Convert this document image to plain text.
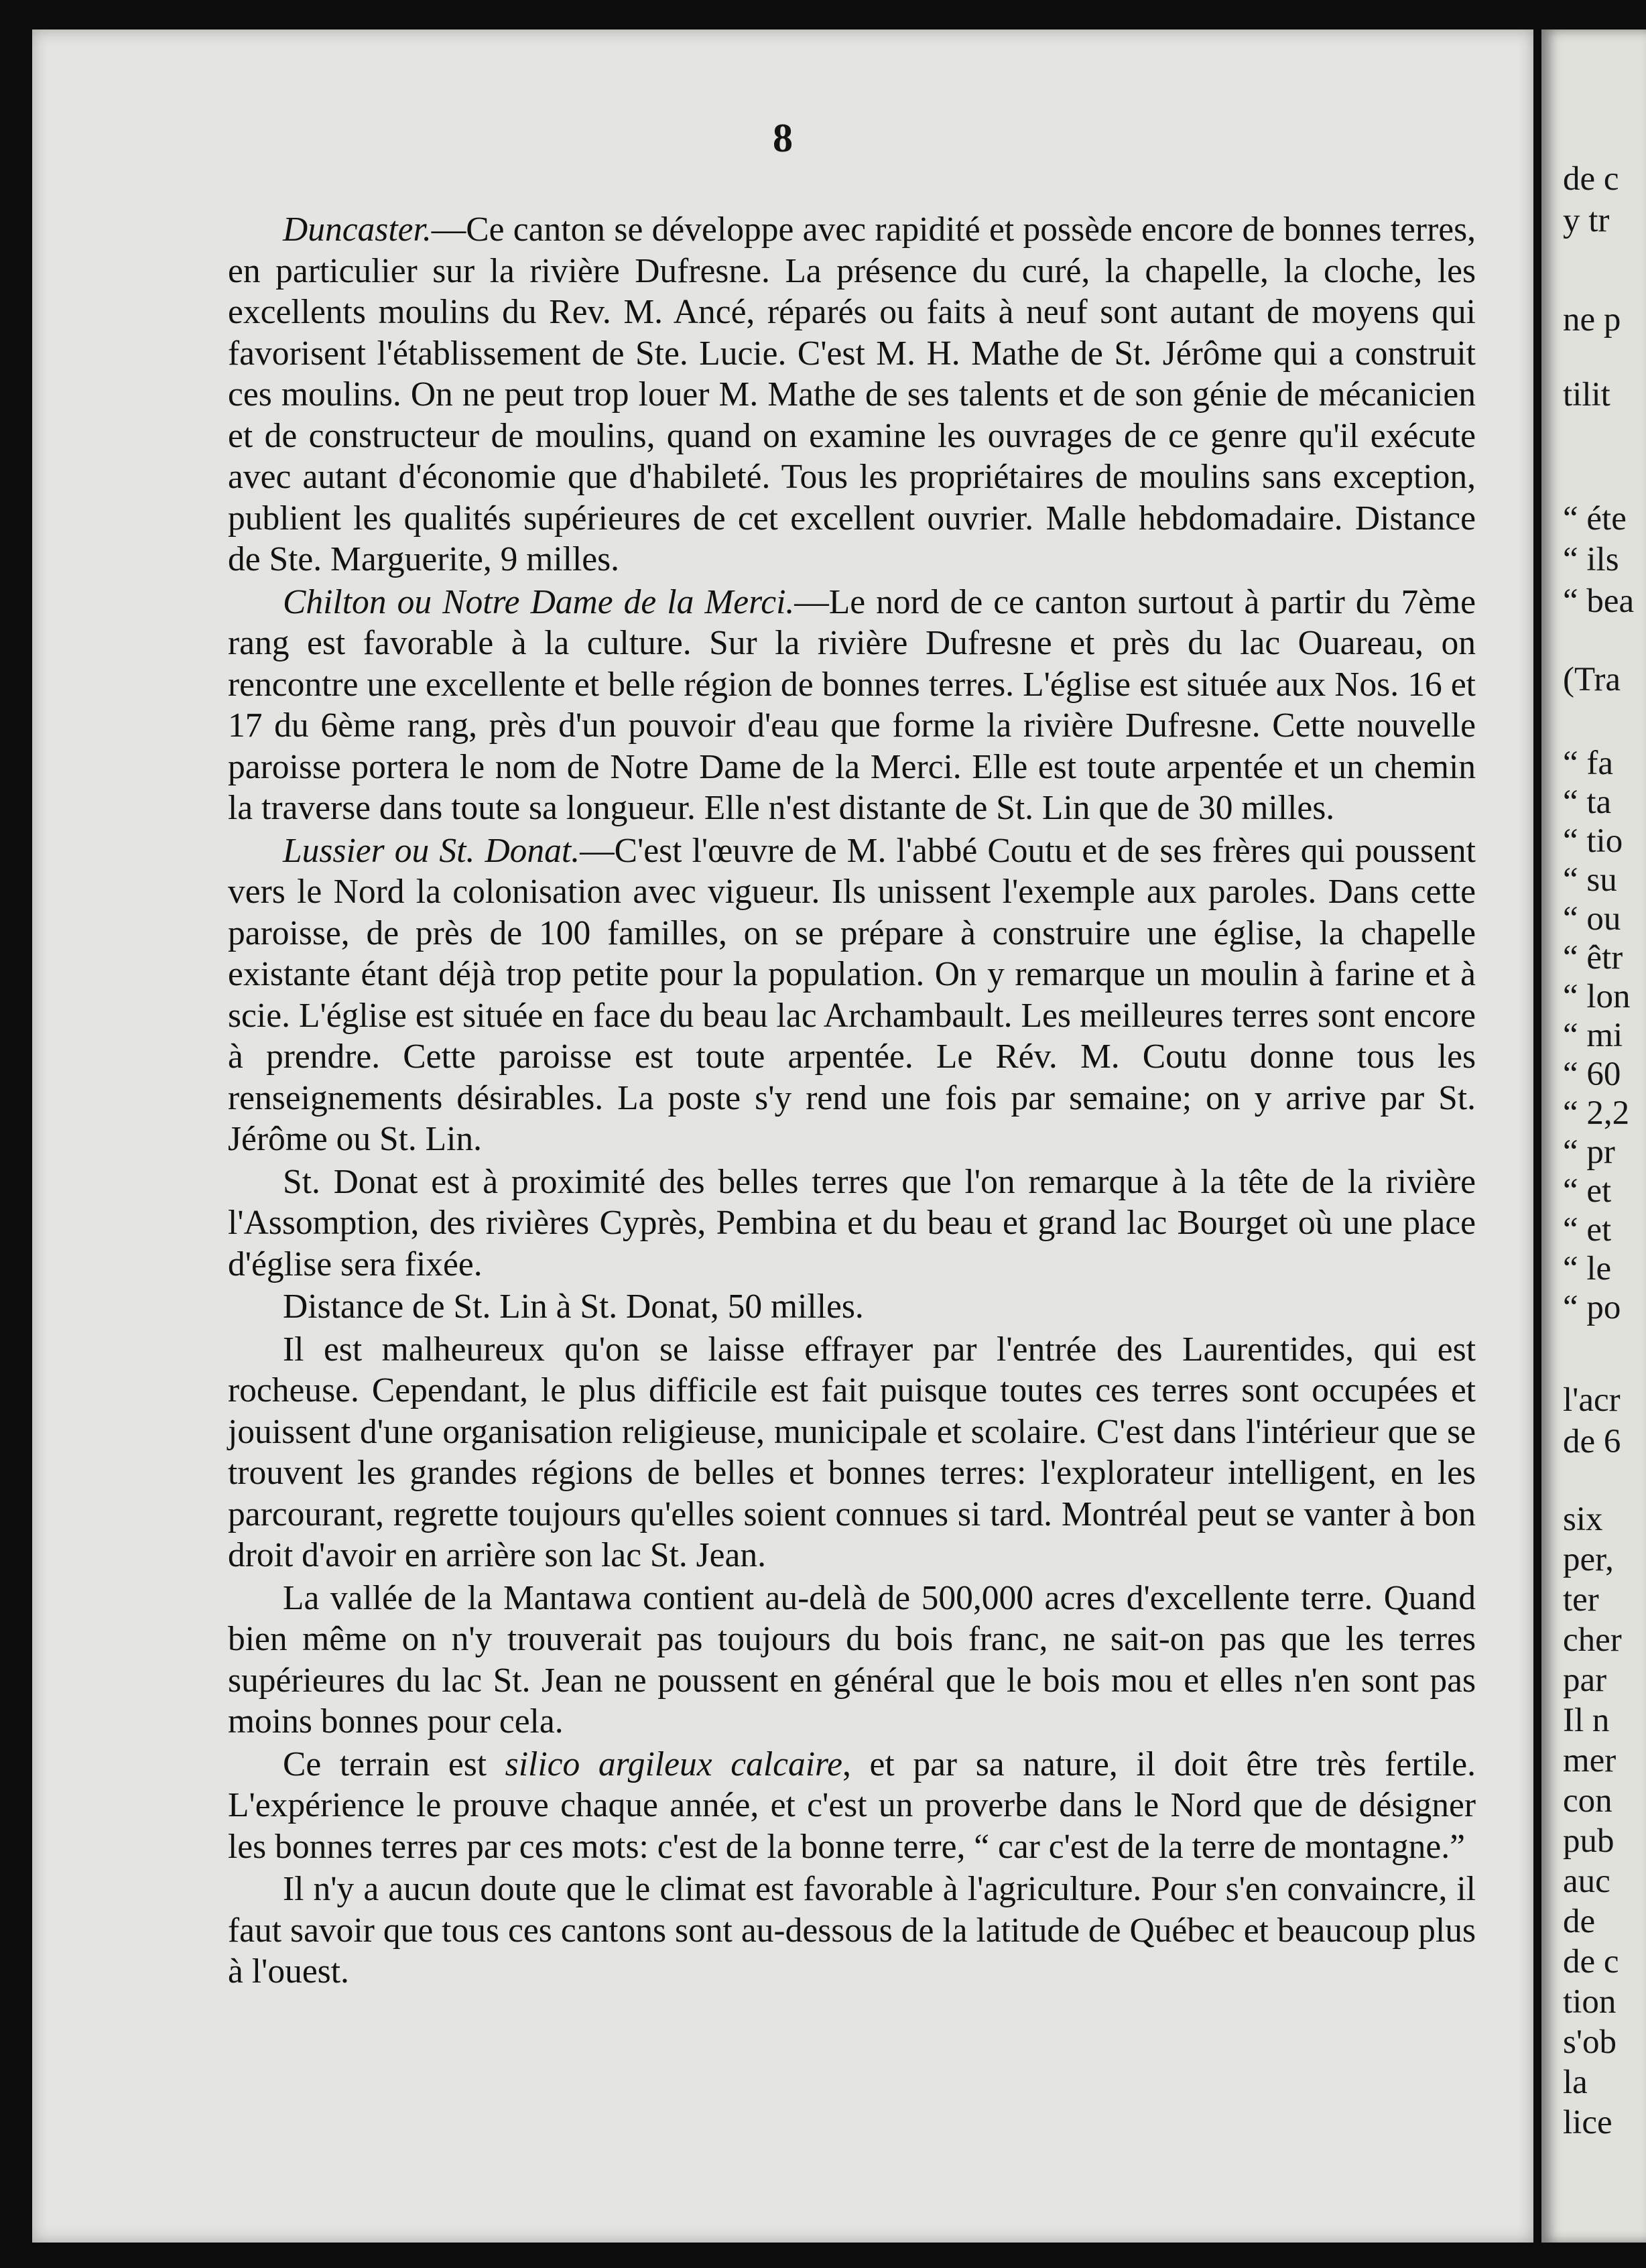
8

Duncaster.—Ce canton se développe avec rapidité et possède encore de bonnes terres, en particulier sur la rivière Dufresne. La présence du curé, la chapelle, la cloche, les excellents moulins du Rev. M. Ancé, réparés ou faits à neuf sont autant de moyens qui favorisent l'établissement de Ste. Lucie. C'est M. H. Mathe de St. Jérôme qui a construit ces moulins. On ne peut trop louer M. Mathe de ses talents et de son génie de mécanicien et de constructeur de moulins, quand on examine les ouvrages de ce genre qu'il exécute avec autant d'économie que d'habileté. Tous les propriétaires de moulins sans exception, publient les qualités supérieures de cet excellent ouvrier. Malle hebdomadaire. Distance de Ste. Marguerite, 9 milles.

Chilton ou Notre Dame de la Merci.—Le nord de ce canton surtout à partir du 7ème rang est favorable à la culture. Sur la rivière Dufresne et près du lac Ouareau, on rencontre une excellente et belle région de bonnes terres. L'église est située aux Nos. 16 et 17 du 6ème rang, près d'un pouvoir d'eau que forme la rivière Dufresne. Cette nouvelle paroisse portera le nom de Notre Dame de la Merci. Elle est toute arpentée et un chemin la traverse dans toute sa longueur. Elle n'est distante de St. Lin que de 30 milles.

Lussier ou St. Donat.—C'est l'œuvre de M. l'abbé Coutu et de ses frères qui poussent vers le Nord la colonisation avec vigueur. Ils unissent l'exemple aux paroles. Dans cette paroisse, de près de 100 familles, on se prépare à construire une église, la chapelle existante étant déjà trop petite pour la population. On y remarque un moulin à farine et à scie. L'église est située en face du beau lac Archambault. Les meilleures terres sont encore à prendre. Cette paroisse est toute arpentée. Le Rév. M. Coutu donne tous les renseignements désirables. La poste s'y rend une fois par semaine; on y arrive par St. Jérôme ou St. Lin.

St. Donat est à proximité des belles terres que l'on remarque à la tête de la rivière l'Assomption, des rivières Cyprès, Pembina et du beau et grand lac Bourget où une place d'église sera fixée.

Distance de St. Lin à St. Donat, 50 milles.

Il est malheureux qu'on se laisse effrayer par l'entrée des Laurentides, qui est rocheuse. Cependant, le plus difficile est fait puisque toutes ces terres sont occupées et jouissent d'une organisation religieuse, municipale et scolaire. C'est dans l'intérieur que se trouvent les grandes régions de belles et bonnes terres: l'explorateur intelligent, en les parcourant, regrette toujours qu'elles soient connues si tard. Montréal peut se vanter à bon droit d'avoir en arrière son lac St. Jean.

La vallée de la Mantawa contient au-delà de 500,000 acres d'excellente terre. Quand bien même on n'y trouverait pas toujours du bois franc, ne sait-on pas que les terres supérieures du lac St. Jean ne poussent en général que le bois mou et elles n'en sont pas moins bonnes pour cela.

Ce terrain est silico argileux calcaire, et par sa nature, il doit être très fertile. L'expérience le prouve chaque année, et c'est un proverbe dans le Nord que de désigner les bonnes terres par ces mots: c'est de la bonne terre, “ car c'est de la terre de montagne.”

Il n'y a aucun doute que le climat est favorable à l'agriculture. Pour s'en convaincre, il faut savoir que tous ces cantons sont au-dessous de la latitude de Québec et beaucoup plus à l'ouest.

de c
y tr
ne p
tilit
“ éte
“ ils
“ bea
(Tra
“ fa
“ ta
“ tio
“ su
“ ou
“ êtr
“ lon
“ mi
“ 60
“ 2,2
“ pr
“ et
“ et
“ le
“ po
l'acr
de 6
six
per,
ter
cher
par
Il n
mer
con
pub
auc
de
de c
tion
s'ob
la
lice
